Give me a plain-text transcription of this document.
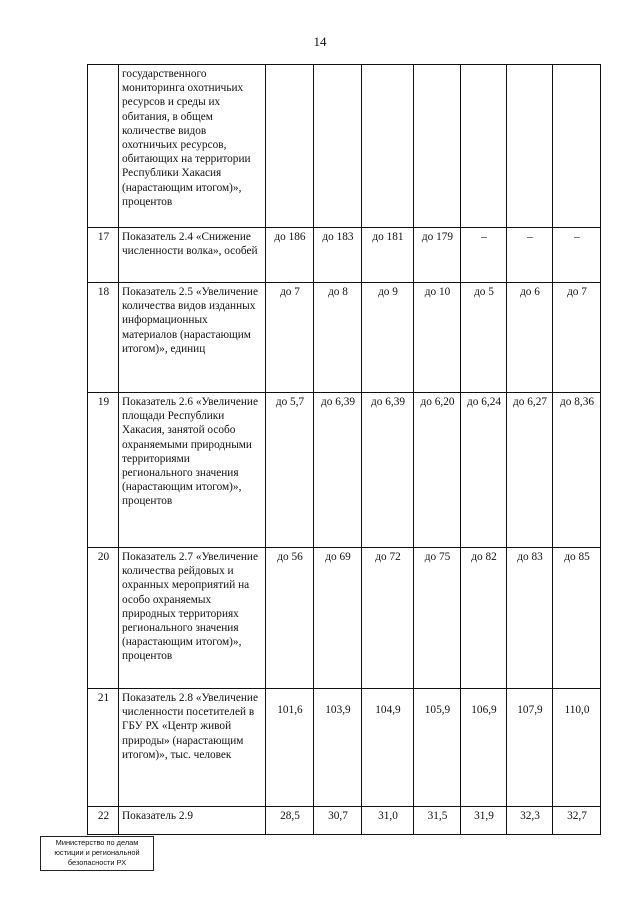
14
	государственного мониторинга охотничьих ресурсов и среды их обитания, в общем количестве видов охотничьих ресурсов, обитающих на территории Республики Хакасия (нарастающим итогом)», процентов							
17	Показатель 2.4 «Снижение численности волка», особей	до 186	до 183	до 181	до 179	–	–	–
18	Показатель 2.5 «Увеличение количества видов изданных информационных материалов (нарастающим итогом)», единиц	до 7	до 8	до 9	до 10	до 5	до 6	до 7
19	Показатель 2.6 «Увеличение площади Республики Хакасия, занятой особо охраняемыми природными территориями регионального значения (нарастающим итогом)», процентов	до 5,7	до 6,39	до 6,39	до 6,20	до 6,24	до 6,27	до 8,36
20	Показатель 2.7 «Увеличение количества рейдовых и охранных мероприятий на особо охраняемых природных территориях регионального значения (нарастающим итогом)», процентов	до 56	до 69	до 72	до 75	до 82	до 83	до 85
21	Показатель 2.8 «Увеличение численности посетителей в ГБУ РХ «Центр живой природы» (нарастающим итогом)», тыс. человек	101,6	103,9	104,9	105,9	106,9	107,9	110,0
22	Показатель 2.9	28,5	30,7	31,0	31,5	31,9	32,3	32,7
Министерство по делам
юстиции и региональной
безопасности РХ
